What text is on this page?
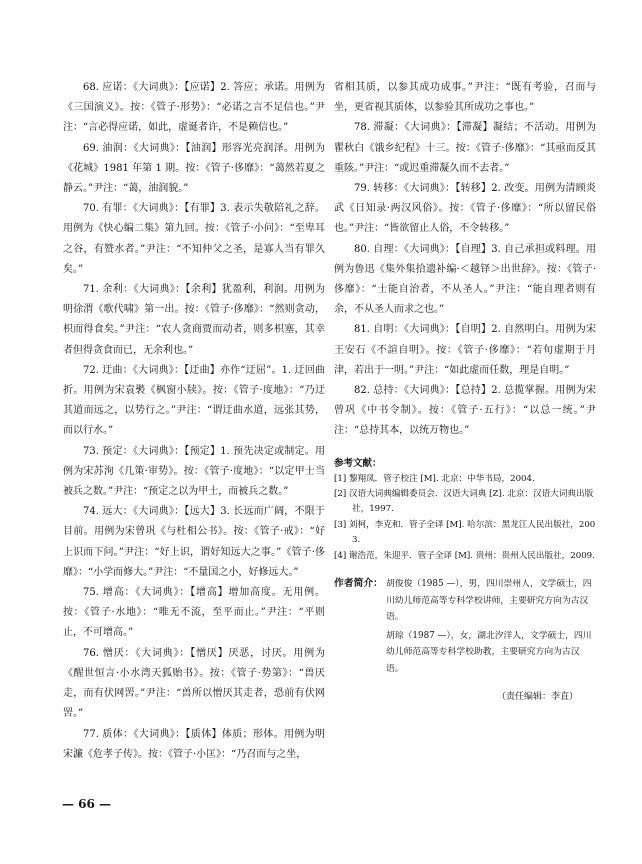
68. 应诺：《大词典》：【应诺】2. 答应；承诺。用例为《三国演义》。按：《管子·形势》：“必诺之言不足信也。”尹注：“言必得应诺，如此，虚诞者许，不是赖信也。”

69. 油润：《大词典》：【油润】形容光亮润泽。用例为《花城》1981 年第 1 期。按：《管子·侈靡》：“蔼然若夏之静云。”尹注：“蔼，油润貌。”

70. 有罪：《大词典》：【有罪】3. 表示失敬陪礼之辞。用例为《快心编二集》第九回。按：《管子·小问》：“至卑耳之谷，有赞水者。”尹注：“不知仲父之圣，是寡人当有罪久矣。”

71. 余利：《大词典》：【余利】犹盈利，利润。用例为明徐渭《歌代啸》第一出。按：《管子·侈靡》：“然则贪动，枳而得食矣。”尹注：“农人贪商贾而动者，则多枳塞，其幸者但得贪食而已，无余利也。”

72. 迂曲：《大词典》：【迂曲】亦作“迂屈”。1. 迂回曲折。用例为宋袁褧《枫窗小牍》。按：《管子·度地》：“乃迂其道而远之，以势行之。”尹注：“谓迂曲水道，远张其势，而以行水。”

73. 预定：《大词典》：【预定】1. 预先决定或制定。用例为宋苏洵《几策·审势》。按：《管子·度地》：“以定甲士当被兵之数。”尹注：“预定之以为甲士，而被兵之数。”

74. 远大：《大词典》：【远大】3. 长远而广阔，不限于目前。用例为宋曾巩《与杜相公书》。按：《管子·戒》：“好上识而下问。”尹注：“好上识，谓好知远大之事。”《管子·侈靡》：“小学而修大。”尹注：“不量国之小，好修远大。”

75. 增高：《大词典》：【增高】增加高度。无用例。按：《管子·水地》：“唯无不流，至平而止。”尹注：“平则止，不可增高。”

76. 憎厌：《大词典》：【憎厌】厌恶，讨厌。用例为《醒世恒言·小水湾天狐贻书》。按：《管子·势第》：“兽厌走，而有伏网罟。”尹注：“兽所以憎厌其走者，恐前有伏网罟。”

77. 质体：《大词典》：【质体】体质；形体。用例为明宋濂《危孝子传》。按：《管子·小匡》：“乃召而与之坐，

省相其质，以参其成功成事。”尹注：“既有考验，召而与坐，更省视其质体，以参验其所成功之事也。”

78. 滞凝：《大词典》：【滞凝】凝结；不活动。用例为瞿秋白《饿乡纪程》十三。按：《管子·侈靡》：“其亟而反其重陔。”尹注：“或迟重滞凝久而不去者。”

79. 转移：《大词典》：【转移】2. 改变。用例为清顾炎武《日知录·两汉风俗》。按：《管子·侈靡》：“所以留民俗也。”尹注：“皆欲留止人俗，不令转移。”

80. 自理：《大词典》：【自理】3. 自己承担或料理。用例为鲁迅《集外集拾遗补编·＜越铎＞出世辞》。按：《管子·侈靡》：“士能自治者，不从圣人。”尹注：“能自理者则有余，不从圣人而求之也。”

81. 自明：《大词典》：【自明】2. 自然明白。用例为宋王安石《不諠自明》。按：《管子·侈靡》：“若旬虚期于月津，若出于一明。”尹注：“如此虚而任数，理是自明。”

82. 总持：《大词典》：【总持】2. 总揽掌握。用例为宋曾巩《中书令制》。按：《管子·五行》：“以总一统。”尹注：“总持其本，以统万物也。”

参考文献：
[1] 黎翔凤．管子校注 [M]. 北京：中华书局，2004.
[2] 汉语大词典编辑委员会．汉语大词典 [Z]. 北京：汉语大词典出版社，1997.
[3] 刘柯，李克和．管子全译 [M]. 哈尔滨：黑龙江人民出版社，2003.
[4] 谢浩范，朱迎平．管子全译 [M]. 贵州：贵州人民出版社，2009.
作者简介： 胡俊俊（1985 —），男，四川崇州人，文学硕士，四川幼儿师范高等专科学校讲师，主要研究方向为古汉语。
胡琼（1987 —），女，湖北汐洋人，文学硕士，四川幼儿师范高等专科学校助教，主要研究方向为古汉语。
（责任编辑：李直）
— 66 —
